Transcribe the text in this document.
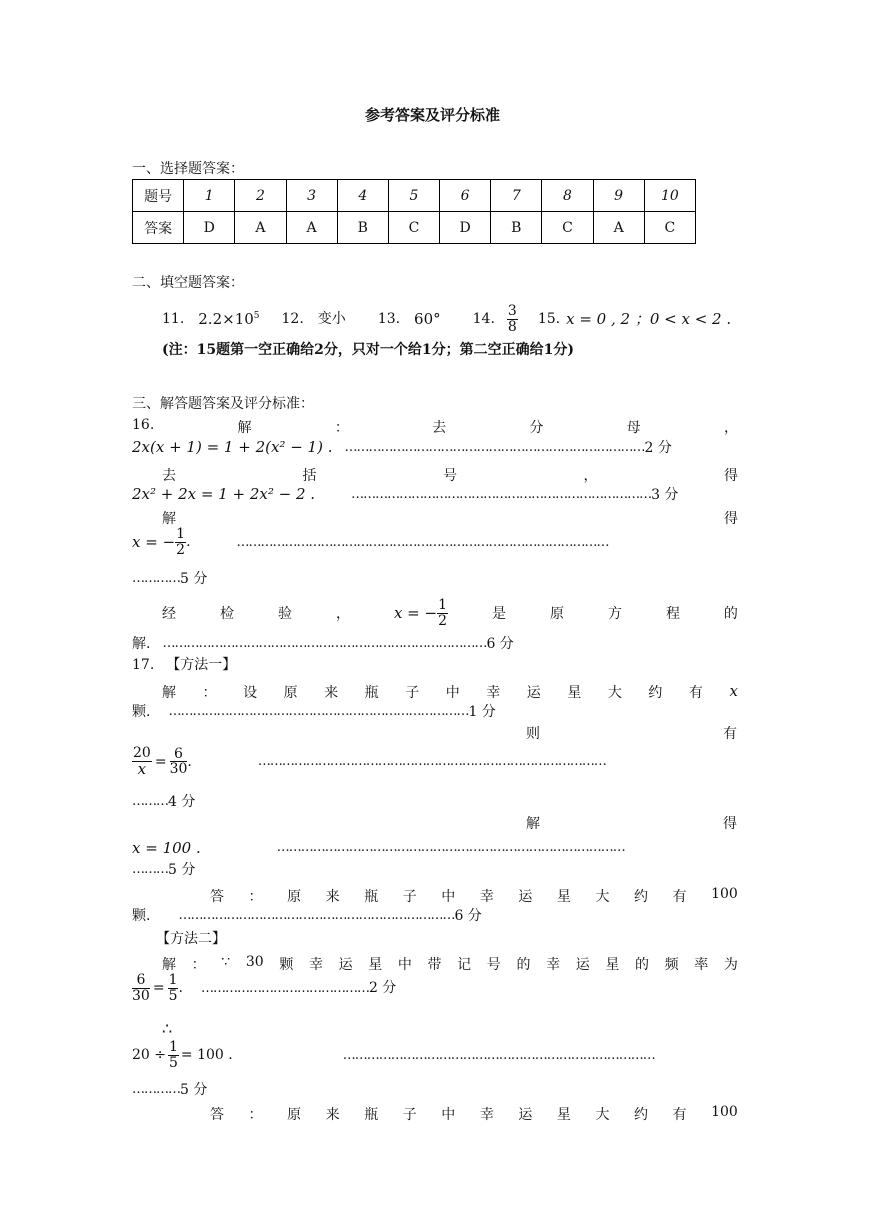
参考答案及评分标准
一、选择题答案：
题号	1	2	3	4	5	6	7	8	9	10
答案	D	A	A	B	C	D	B	C	A	C
二、填空题答案：
11. $2.2\times 10^5$ 12. 变小 13. 60° 14. $\frac{3}{8} 15$. x = 0 , 2 ；0 < x < 2 .
(注：15题第一空正确给2分，只对一个给1分；第二空正确给1分)
三、解答题答案及评分标准：
16.	解	：	去	分	母	，
2x(x + 1) = 1 + 2(x² − 1) . ………………………………………………………………… 2 分
去	括	号	，	得
2x² + 2x = 1 + 2x² − 2 .	………………………………………………………………… 3 分
解	得
x = − $\frac{1}{2}$ .	…………………………………………………………………………………
………… 5 分
经	检	验	，	x = − $\frac{1}{2}$	是	原	方	程	的
解. ……………………………………………………………………… 6 分
17. 【方法一】
解 ： 设 原 来 瓶 子 中 幸 运 星 大 约 有 x
颗. ………………………………………………………………… 1 分
则	有
$\frac{20}{x} = \frac{6}{30}$ .	……………………………………………………………………………
……… 4 分
解	得
x = 100 .	……………………………………………………………………………
……… 5 分
答 ： 原 来 瓶 子 中 幸 运 星 大 约 有 100
颗. …………………………………………………………… 6 分
【方法二】
解 ： ∵ 30 颗 幸 运 星 中 带 记 号 的 幸 运 星 的 频 率 为
$\frac{6}{30} = \frac{1}{5}$ . …………………………………… 2 分
∴
$20 \div \frac{1}{5} = 100$ .	……………………………………………………………………
………… 5 分
答 ： 原 来 瓶 子 中 幸 运 星 大 约 有 100
